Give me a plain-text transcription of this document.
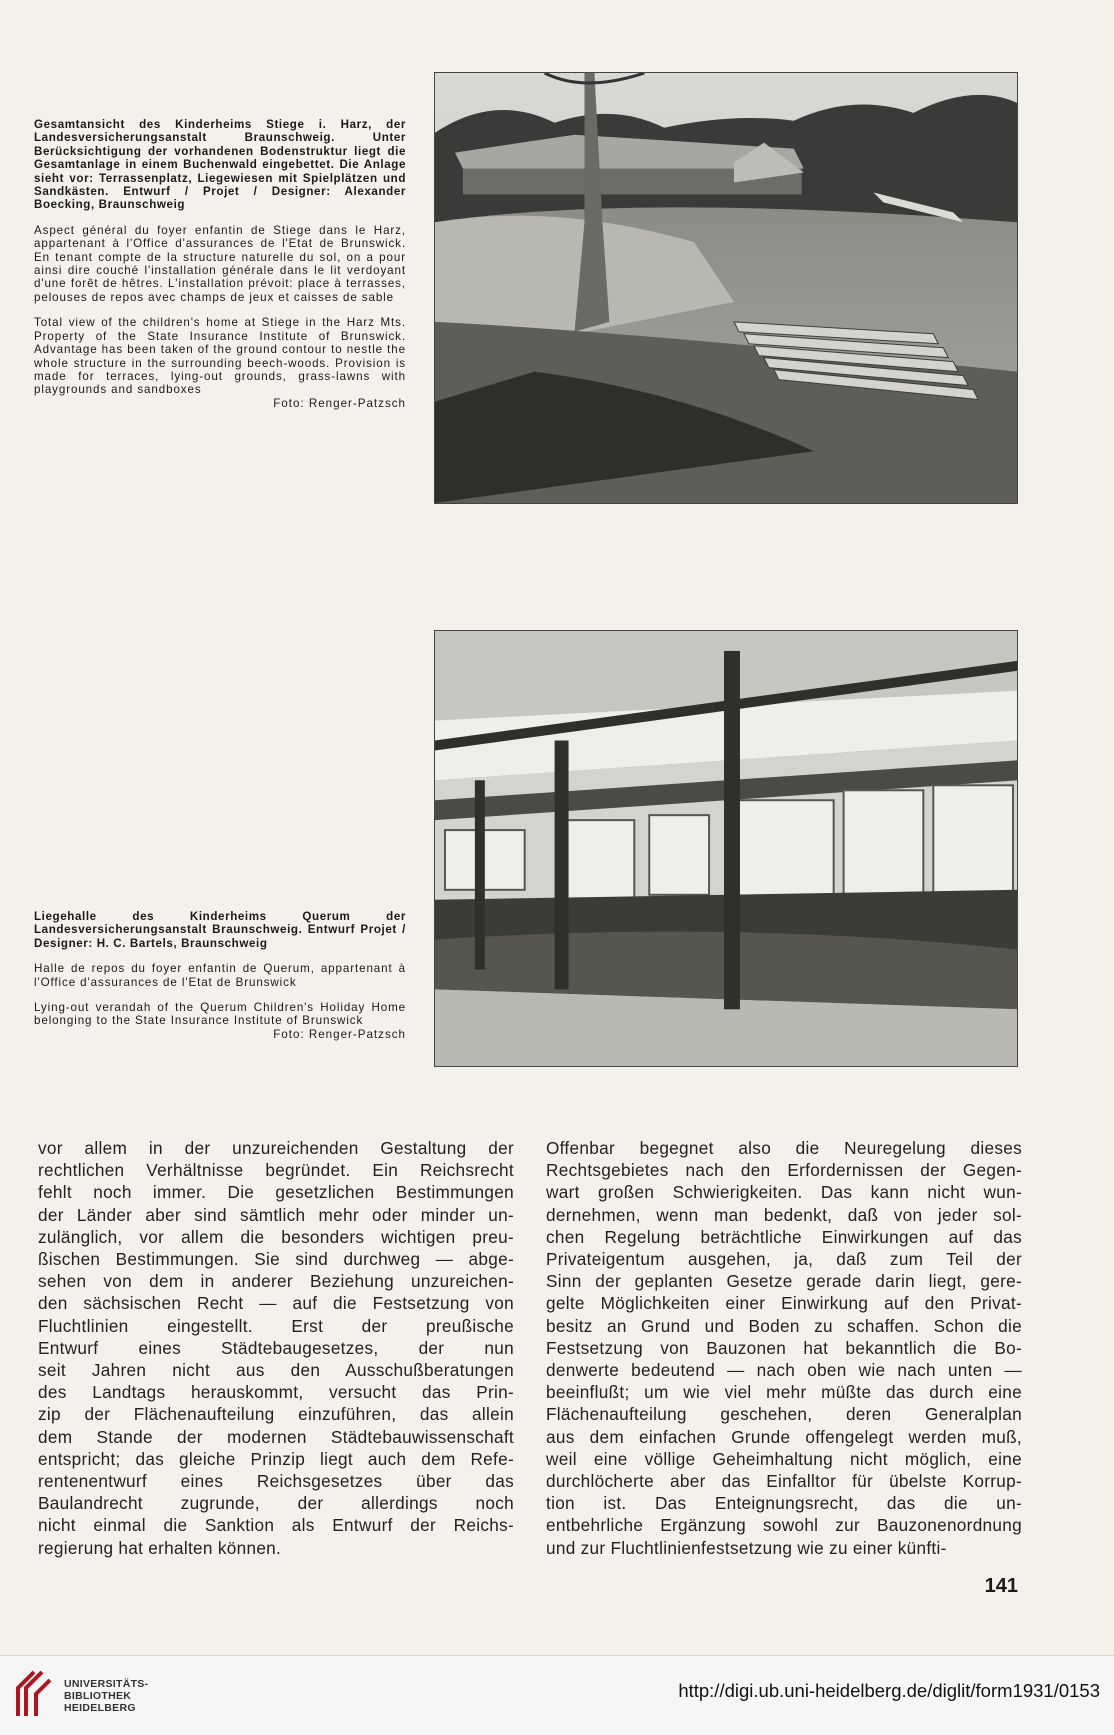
Gesamtansicht des Kinderheims Stiege i. Harz, der Landesversicherungsanstalt Braunschweig. Unter Berücksichtigung der vorhandenen Bodenstruktur liegt die Gesamtanlage in einem Buchenwald eingebettet. Die Anlage sieht vor: Terrassenplatz, Liegewiesen mit Spielplätzen und Sandkästen. Entwurf / Projet / Designer: Alexander Boecking, Braunschweig

Aspect général du foyer enfantin de Stiege dans le Harz, appartenant à l'Office d'assurances de l'Etat de Brunswick. En tenant compte de la structure naturelle du sol, on a pour ainsi dire couché l'installation générale dans le lit verdoyant d'une forêt de hêtres. L'installation prévoit: place à terrasses, pelouses de repos avec champs de jeux et caisses de sable

Total view of the children's home at Stiege in the Harz Mts. Property of the State Insurance Institute of Brunswick. Advantage has been taken of the ground contour to nestle the whole structure in the surrounding beech-woods. Provision is made for terraces, lying-out grounds, grass-lawns with playgrounds and sandboxes

Foto: Renger-Patzsch

Liegehalle des Kinderheims Querum der Landesversicherungsanstalt Braunschweig. Entwurf Projet / Designer: H. C. Bartels, Braunschweig

Halle de repos du foyer enfantin de Querum, appartenant à l'Office d'assurances de l'Etat de Brunswick

Lying-out verandah of the Querum Children's Holiday Home belonging to the State Insurance Institute of Brunswick

Foto: Renger-Patzsch

vor allem in der unzureichenden Gestaltung der
rechtlichen Verhältnisse begründet. Ein Reichsrecht
fehlt noch immer. Die gesetzlichen Bestimmungen
der Länder aber sind sämtlich mehr oder minder un-
zulänglich, vor allem die besonders wichtigen preu-
ßischen Bestimmungen. Sie sind durchweg — abge-
sehen von dem in anderer Beziehung unzureichen-
den sächsischen Recht — auf die Festsetzung von
Fluchtlinien eingestellt. Erst der preußische
Entwurf eines Städtebaugesetzes, der nun
seit Jahren nicht aus den Ausschußberatungen
des Landtags herauskommt, versucht das Prin-
zip der Flächenaufteilung einzuführen, das allein
dem Stande der modernen Städtebauwissenschaft
entspricht; das gleiche Prinzip liegt auch dem Refe-
rentenentwurf eines Reichsgesetzes über das
Baulandrecht zugrunde, der allerdings noch
nicht einmal die Sanktion als Entwurf der Reichs-
regierung hat erhalten können.
Offenbar begegnet also die Neuregelung dieses
Rechtsgebietes nach den Erfordernissen der Gegen-
wart großen Schwierigkeiten. Das kann nicht wun-
dernehmen, wenn man bedenkt, daß von jeder sol-
chen Regelung beträchtliche Einwirkungen auf das
Privateigentum ausgehen, ja, daß zum Teil der
Sinn der geplanten Gesetze gerade darin liegt, gere-
gelte Möglichkeiten einer Einwirkung auf den Privat-
besitz an Grund und Boden zu schaffen. Schon die
Festsetzung von Bauzonen hat bekanntlich die Bo-
denwerte bedeutend — nach oben wie nach unten —
beeinflußt; um wie viel mehr müßte das durch eine
Flächenaufteilung geschehen, deren Generalplan
aus dem einfachen Grunde offengelegt werden muß,
weil eine völlige Geheimhaltung nicht möglich, eine
durchlöcherte aber das Einfalltor für übelste Korrup-
tion ist. Das Enteignungsrecht, das die un-
entbehrliche Ergänzung sowohl zur Bauzonenordnung
und zur Fluchtlinienfestsetzung wie zu einer künfti-
141
UNIVERSITÄTS-
BIBLIOTHEK
HEIDELBERG
http://digi.ub.uni-heidelberg.de/diglit/form1931/0153
